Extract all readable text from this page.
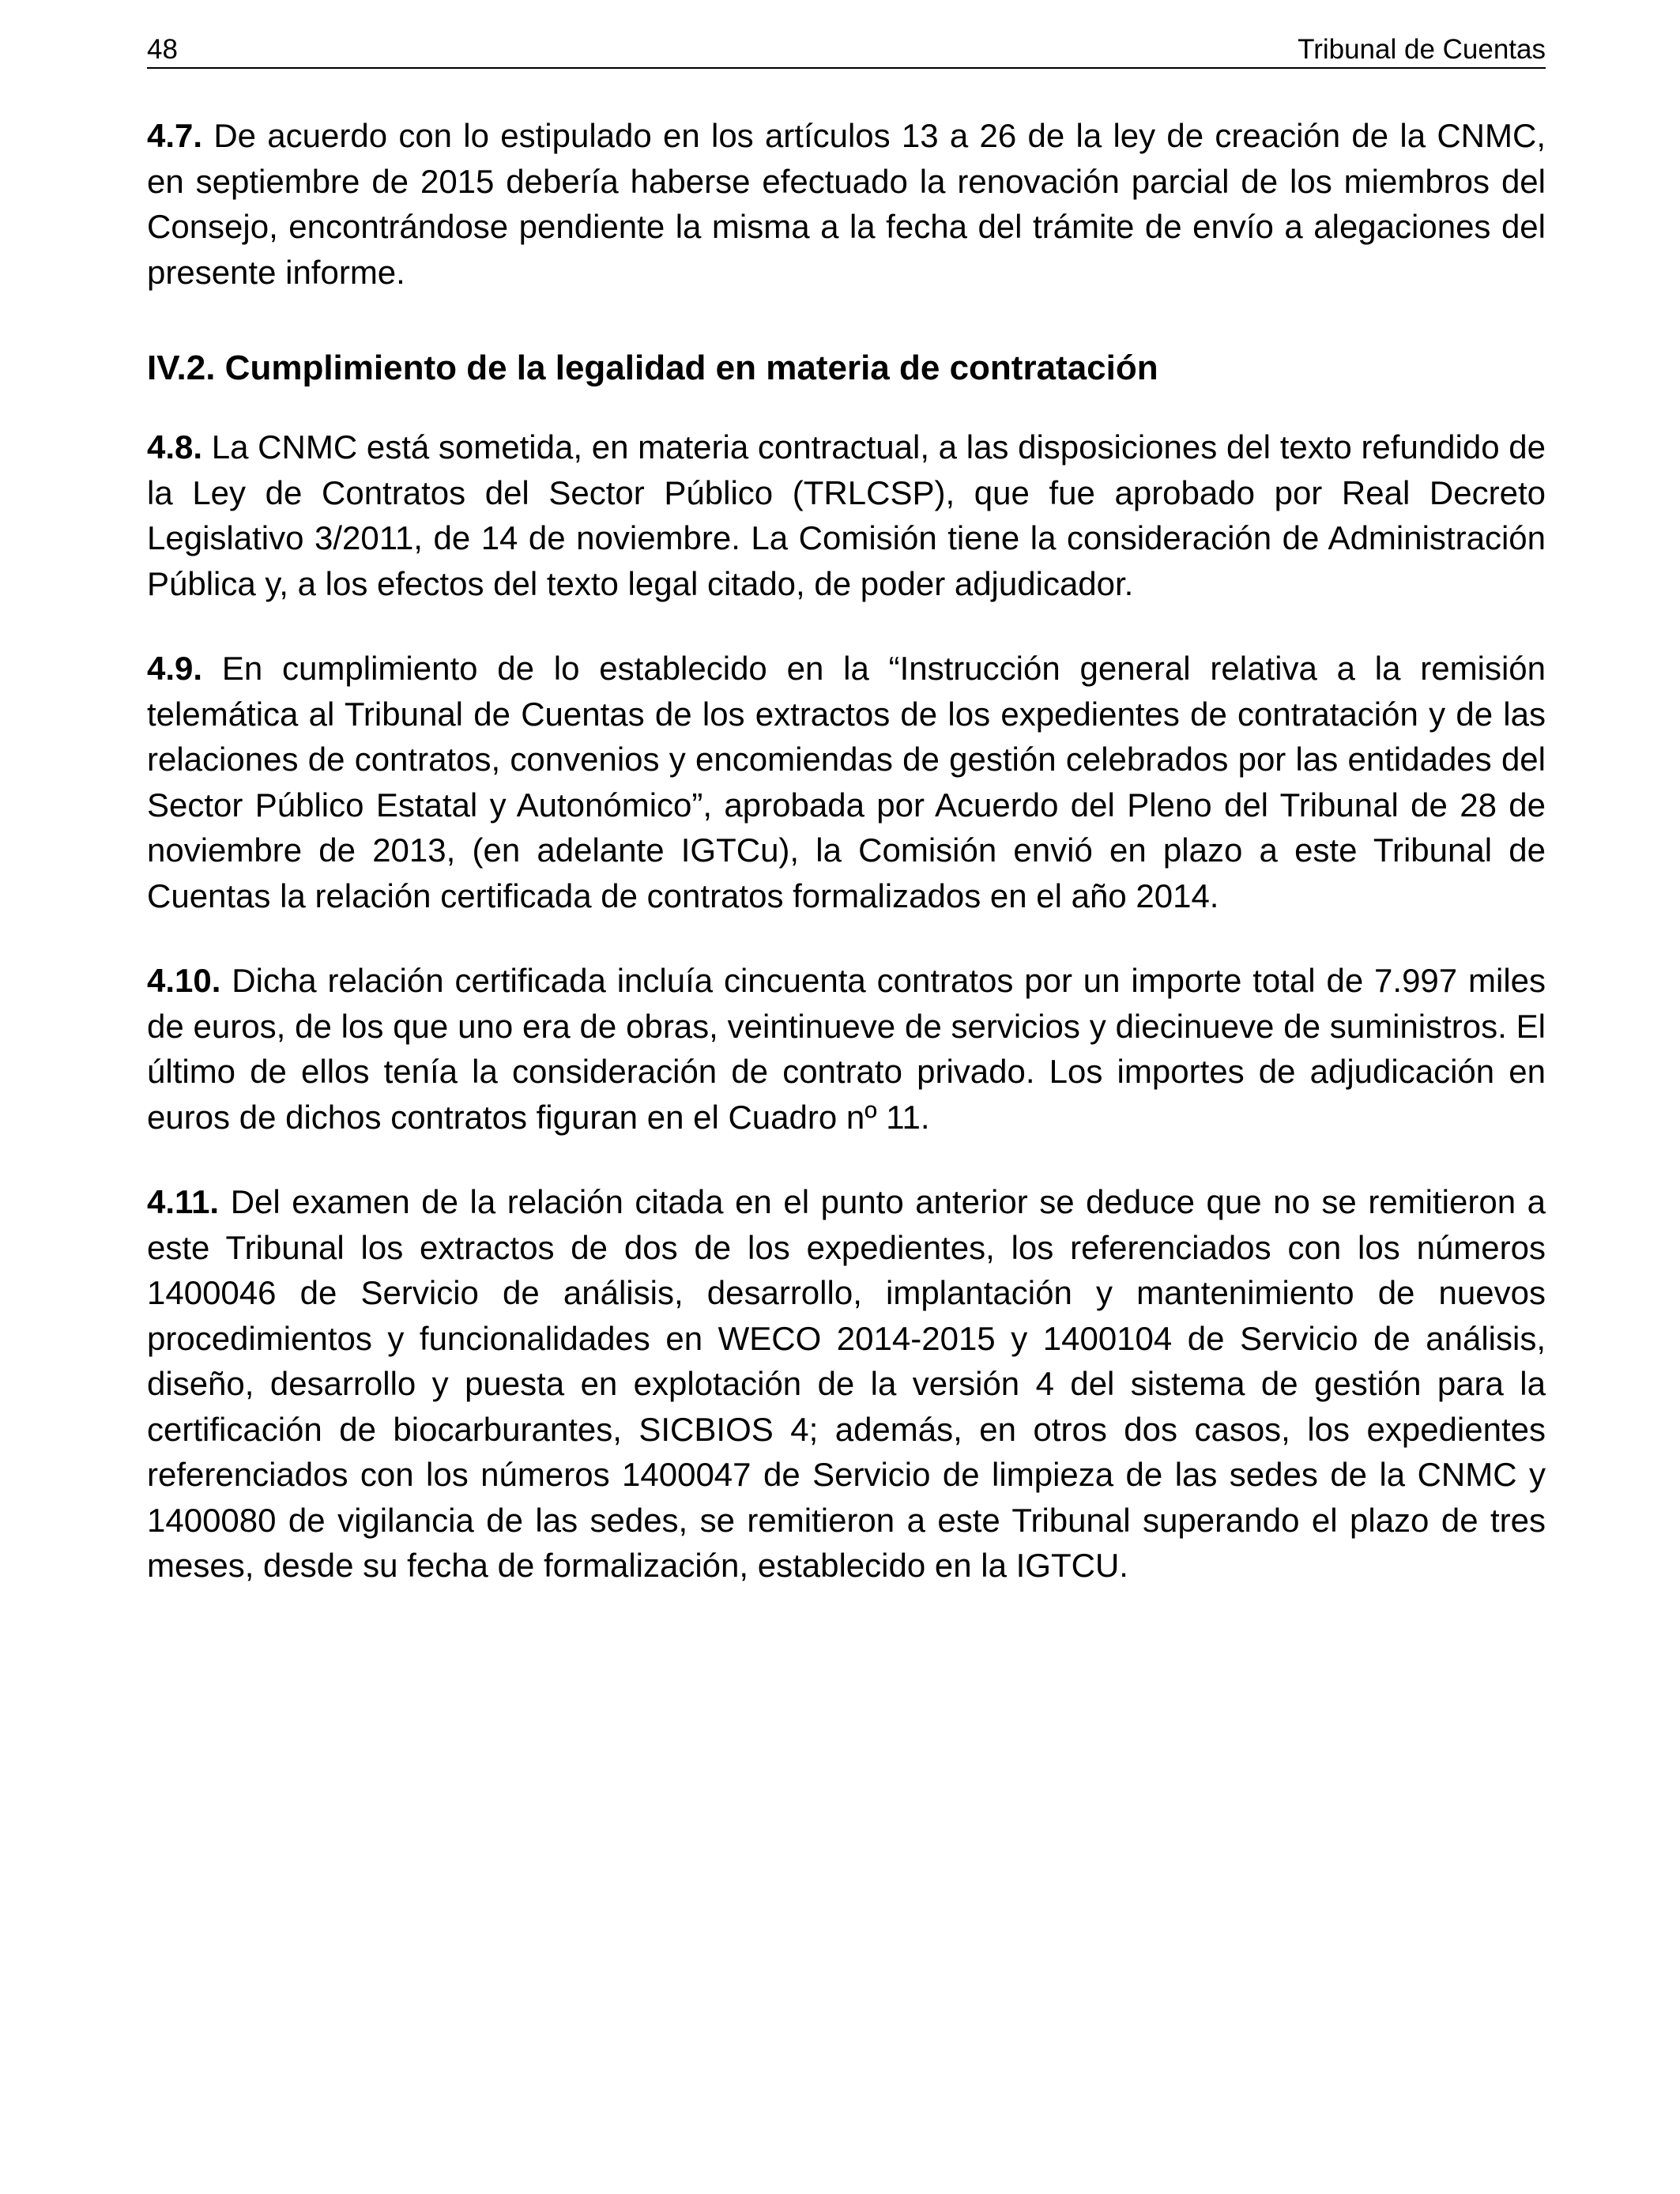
48	Tribunal de Cuentas

4.7. De acuerdo con lo estipulado en los artículos 13 a 26 de la ley de creación de la CNMC, en septiembre de 2015 debería haberse efectuado la renovación parcial de los miembros del Consejo, encontrándose pendiente la misma a la fecha del trámite de envío a alegaciones del presente informe.

IV.2. Cumplimiento de la legalidad en materia de contratación

4.8. La CNMC está sometida, en materia contractual, a las disposiciones del texto refundido de la Ley de Contratos del Sector Público (TRLCSP), que fue aprobado por Real Decreto Legislativo 3/2011, de 14 de noviembre. La Comisión tiene la consideración de Administración Pública y, a los efectos del texto legal citado, de poder adjudicador.

4.9. En cumplimiento de lo establecido en la “Instrucción general relativa a la remisión telemática al Tribunal de Cuentas de los extractos de los expedientes de contratación y de las relaciones de contratos, convenios y encomiendas de gestión celebrados por las entidades del Sector Público Estatal y Autonómico”, aprobada por Acuerdo del Pleno del Tribunal de 28 de noviembre de 2013, (en adelante IGTCu), la Comisión envió en plazo a este Tribunal de Cuentas la relación certificada de contratos formalizados en el año 2014.

4.10. Dicha relación certificada incluía cincuenta contratos por un importe total de 7.997 miles de euros, de los que uno era de obras, veintinueve de servicios y diecinueve de suministros. El último de ellos tenía la consideración de contrato privado. Los importes de adjudicación en euros de dichos contratos figuran en el Cuadro nº 11.

4.11. Del examen de la relación citada en el punto anterior se deduce que no se remitieron a este Tribunal los extractos de dos de los expedientes, los referenciados con los números 1400046 de Servicio de análisis, desarrollo, implantación y mantenimiento de nuevos procedimientos y funcionalidades en WECO 2014-2015 y 1400104 de Servicio de análisis, diseño, desarrollo y puesta en explotación de la versión 4 del sistema de gestión para la certificación de biocarburantes, SICBIOS 4; además, en otros dos casos, los expedientes referenciados con los números 1400047 de Servicio de limpieza de las sedes de la CNMC y 1400080 de vigilancia de las sedes, se remitieron a este Tribunal superando el plazo de tres meses, desde su fecha de formalización, establecido en la IGTCU.
